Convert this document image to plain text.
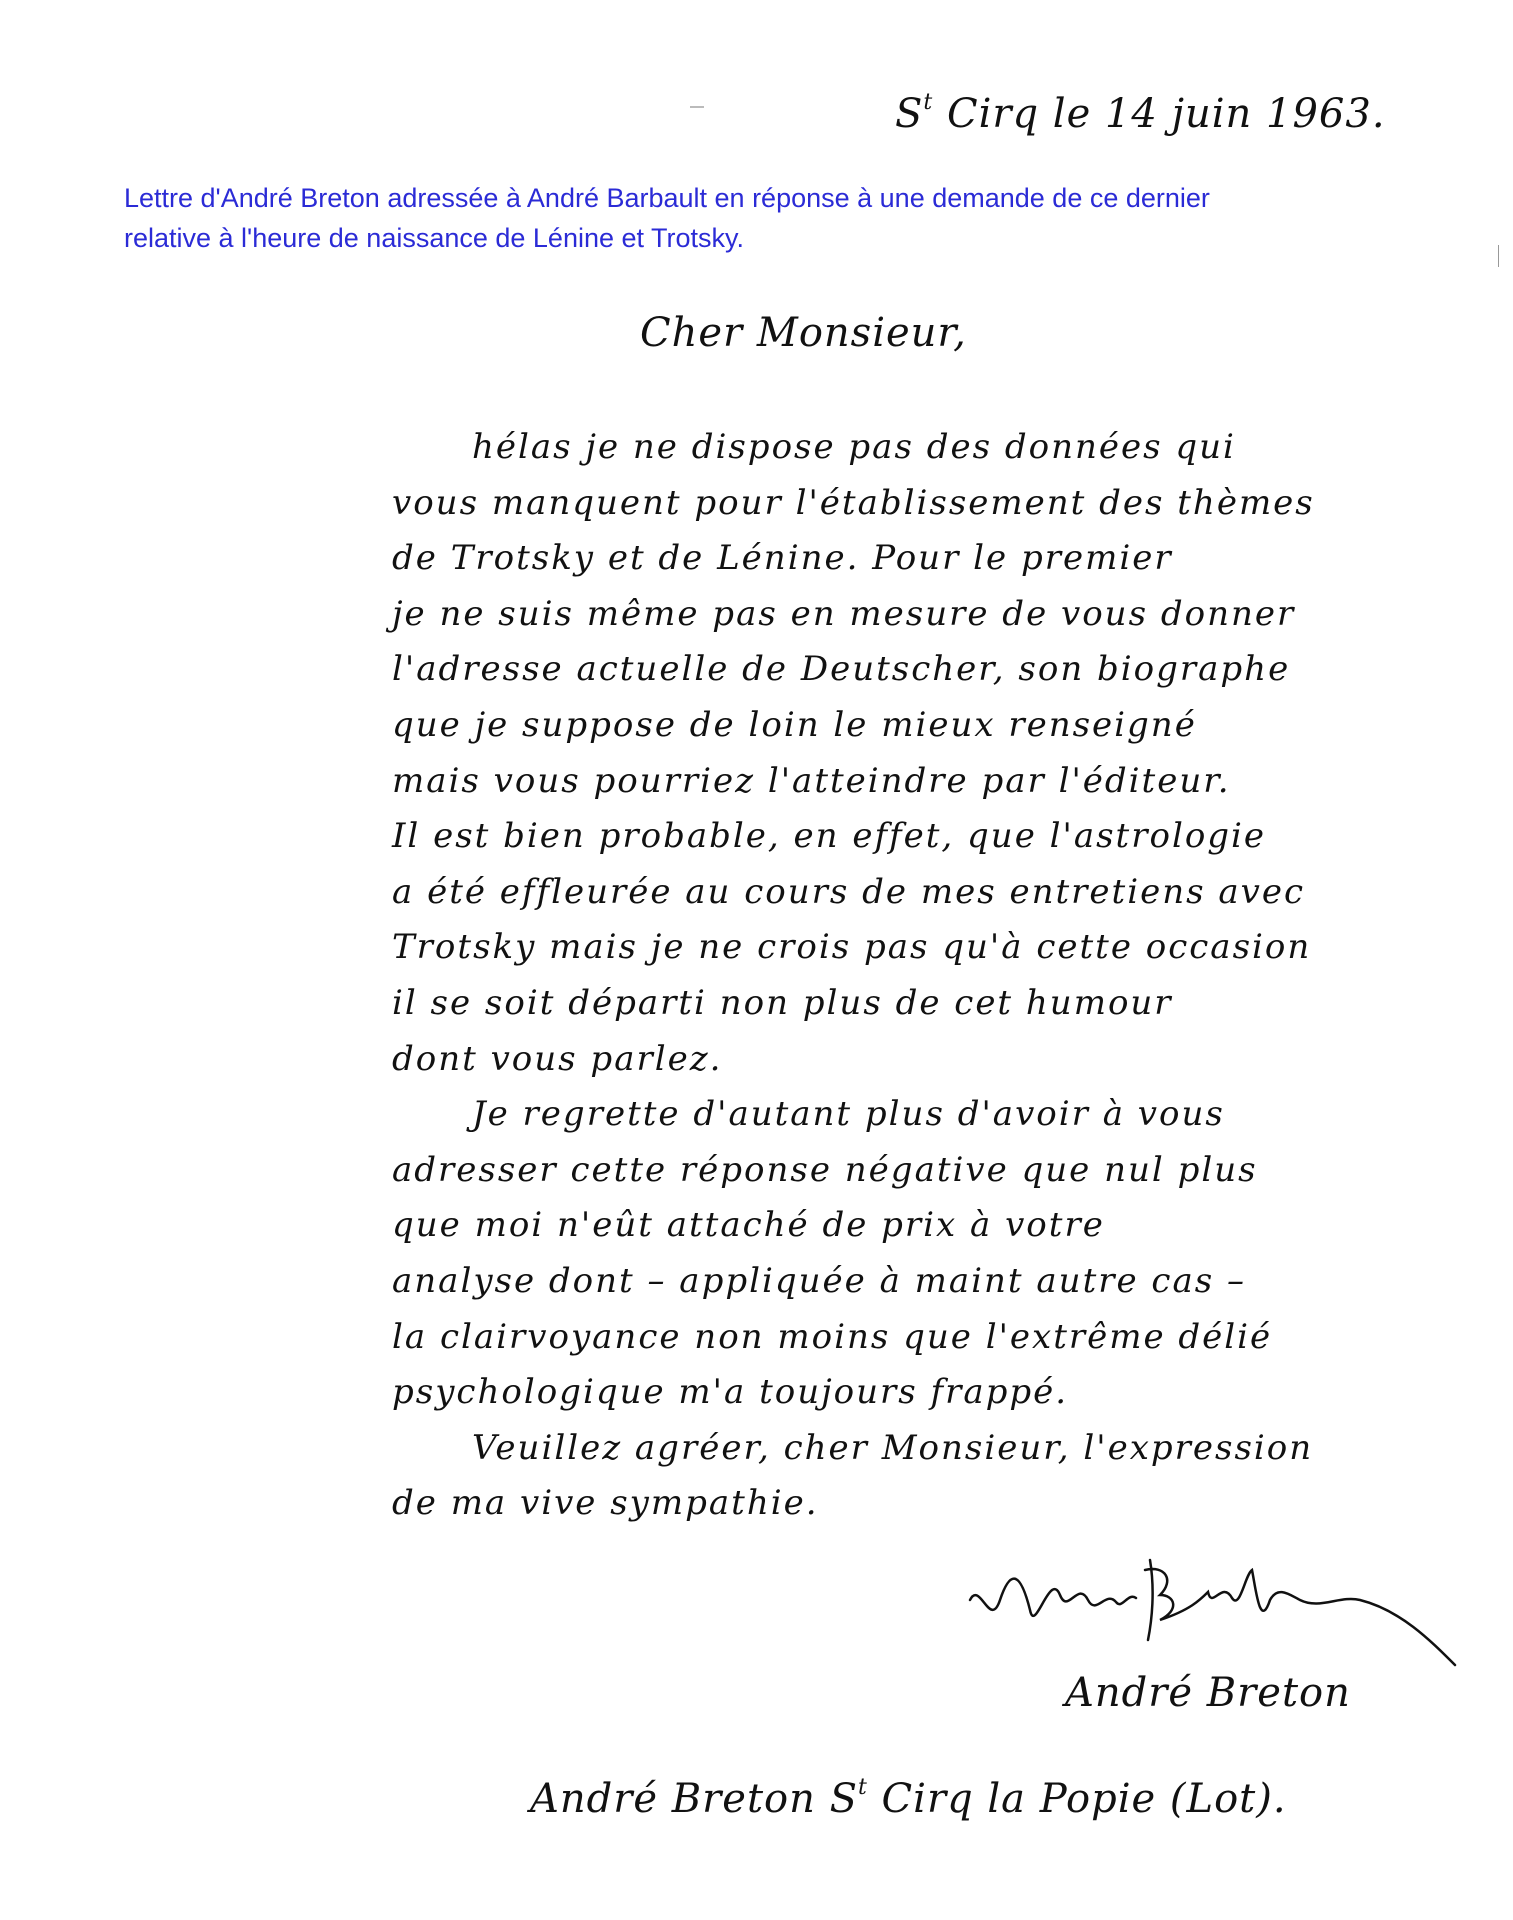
$S^t$ Cirq le 14 juin 1963.
Lettre d'André Breton adressée à André Barbault en réponse à une demande de ce dernier
relative à l'heure de naissance de Lénine et Trotsky.
Cher Monsieur,
hélas je ne dispose pas des données qui
vous manquent pour l'établissement des thèmes
de Trotsky et de Lénine. Pour le premier
je ne suis même pas en mesure de vous donner
l'adresse actuelle de Deutscher, son biographe
que je suppose de loin le mieux renseigné
mais vous pourriez l'atteindre par l'éditeur.
Il est bien probable, en effet, que l'astrologie
a été effleurée au cours de mes entretiens avec
Trotsky mais je ne crois pas qu'à cette occasion
il se soit départi non plus de cet humour
dont vous parlez.
Je regrette d'autant plus d'avoir à vous
adresser cette réponse négative que nul plus
que moi n'eût attaché de prix à votre
analyse dont – appliquée à maint autre cas –
la clairvoyance non moins que l'extrême délié
psychologique m'a toujours frappé.
Veuillez agréer, cher Monsieur, l'expression
de ma vive sympathie.
André Breton
André Breton $S^t$ Cirq la Popie (Lot).
